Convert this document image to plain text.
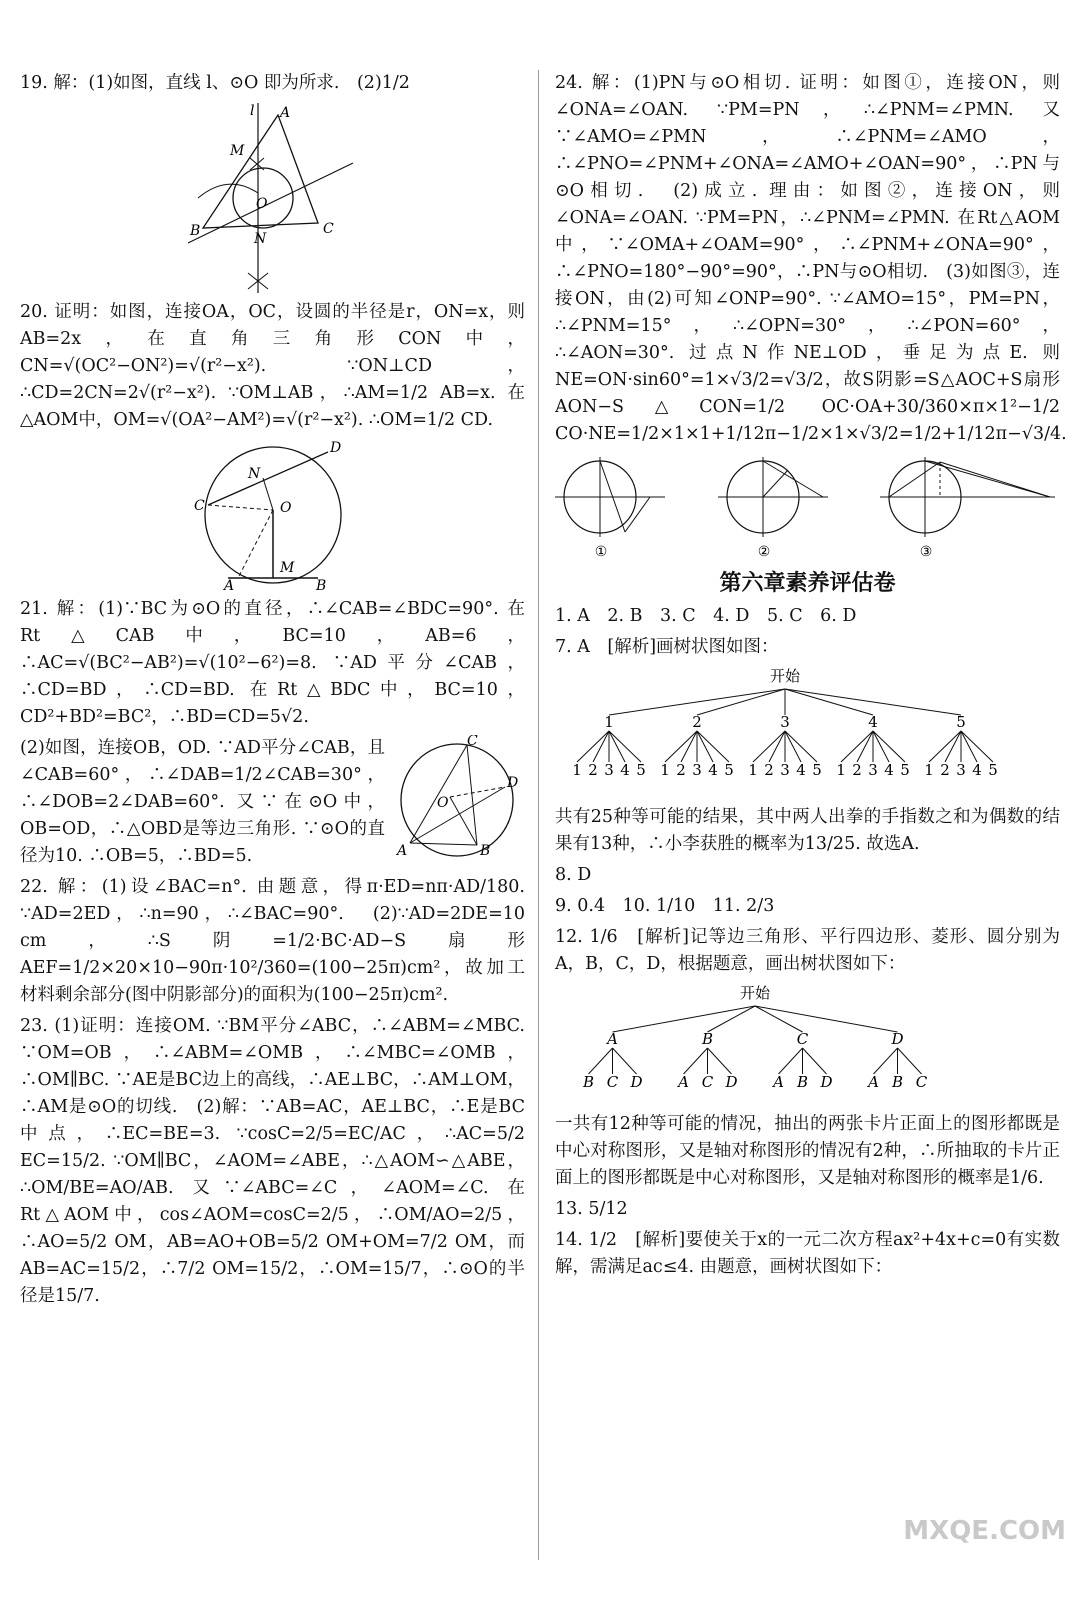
19. 解：(1)如图，直线 l、⊙O 即为所求.　(2)1/2

l A
M
O
B	N
C

20. 证明：如图，连接OA，OC，设圆的半径是r，ON=x，则AB=2x，在直角三角形CON中，CN=√(OC²−ON²)=√(r²−x²). ∵ON⊥CD，∴CD=2CN=2√(r²−x²). ∵OM⊥AB，∴AM=1/2 AB=x. 在△AOM中，OM=√(OA²−AM²)=√(r²−x²). ∴OM=1/2 CD.

D
N
C	O
M
A	B

21. 解：(1)∵BC为⊙O的直径，∴∠CAB=∠BDC=90°. 在Rt△CAB中，BC=10，AB=6，∴AC=√(BC²−AB²)=√(10²−6²)=8. ∵AD平分∠CAB，∴CD=BD，∴CD=BD. 在Rt△BDC中，BC=10，CD²+BD²=BC²，∴BD=CD=5√2.

(2)如图，连接OB，OD. ∵AD平分∠CAB，且∠CAB=60°，∴∠DAB=1/2∠CAB=30°，∴∠DOB=2∠DAB=60°. 又∵在⊙O中，OB=OD，∴△OBD是等边三角形. ∵⊙O的直径为10. ∴OB=5，∴BD=5.

C
D
O
A	B

22. 解：(1)设∠BAC=n°. 由题意，得π·ED=nπ·AD/180. ∵AD=2ED，∴n=90，∴∠BAC=90°.　(2)∵AD=2DE=10 cm，∴S阴=1/2·BC·AD−S扇形AEF=1/2×20×10−90π·10²/360=(100−25π)cm²，故加工材料剩余部分(图中阴影部分)的面积为(100−25π)cm².

23. (1)证明：连接OM. ∵BM平分∠ABC，∴∠ABM=∠MBC. ∵OM=OB，∴∠ABM=∠OMB，∴∠MBC=∠OMB，∴OM∥BC. ∵AE是BC边上的高线，∴AE⊥BC，∴AM⊥OM，∴AM是⊙O的切线.　(2)解：∵AB=AC，AE⊥BC，∴E是BC中点，∴EC=BE=3. ∵cosC=2/5=EC/AC，∴AC=5/2 EC=15/2. ∵OM∥BC，∠AOM=∠ABE，∴△AOM∽△ABE，∴OM/BE=AO/AB. 又∵∠ABC=∠C，∠AOM=∠C. 在Rt△AOM中，cos∠AOM=cosC=2/5，∴OM/AO=2/5，∴AO=5/2 OM，AB=AO+OB=5/2 OM+OM=7/2 OM，而AB=AC=15/2，∴7/2 OM=15/2，∴OM=15/7，∴⊙O的半径是15/7.

24. 解：(1)PN与⊙O相切. 证明：如图①，连接ON，则∠ONA=∠OAN. ∵PM=PN，∴∠PNM=∠PMN. 又∵∠AMO=∠PMN，∴∠PNM=∠AMO，∴∠PNO=∠PNM+∠ONA=∠AMO+∠OAN=90°，∴PN与⊙O相切.　(2)成立. 理由：如图②，连接ON，则∠ONA=∠OAN. ∵PM=PN，∴∠PNM=∠PMN. 在Rt△AOM中，∵∠OMA+∠OAM=90°，∴∠PNM+∠ONA=90°，∴∠PNO=180°−90°=90°，∴PN与⊙O相切.　(3)如图③，连接ON，由(2)可知∠ONP=90°. ∵∠AMO=15°，PM=PN，∴∠PNM=15°，∴∠OPN=30°，∴∠PON=60°，∴∠AON=30°. 过点N作NE⊥OD，垂足为点E. 则NE=ON·sin60°=1×√3/2=√3/2，故S阴影=S△AOC+S扇形AON−S△CON=1/2 OC·OA+30/360×π×1²−1/2 CO·NE=1/2×1×1+1/12π−1/2×1×√3/2=1/2+1/12π−√3/4.

①	②	③
第六章素养评估卷

1. A　2. B　3. C　4. D　5. C　6. D

7. A　[解析]画树状图如图：

开始
1
1 2 3 4 5
2
1 2 3 4 5
3
1 2 3 4 5
4
1 2 3 4 5
5
1 2 3 4 5

共有25种等可能的结果，其中两人出拳的手指数之和为偶数的结果有13种，∴小李获胜的概率为13/25. 故选A.

8. D

9. 0.4　10. 1/10　11. 2/3

12. 1/6　[解析]记等边三角形、平行四边形、菱形、圆分别为A，B，C，D，根据题意，画出树状图如下：

开始
A
B C D
B
A C D
C
A B D
D
A B C

一共有12种等可能的情况，抽出的两张卡片正面上的图形都既是中心对称图形，又是轴对称图形的情况有2种，∴所抽取的卡片正面上的图形都既是中心对称图形，又是轴对称图形的概率是1/6.

13. 5/12

14. 1/2　[解析]要使关于x的一元二次方程ax²+4x+c=0有实数解，需满足ac≤4. 由题意，画树状图如下：

MXQE.COM
